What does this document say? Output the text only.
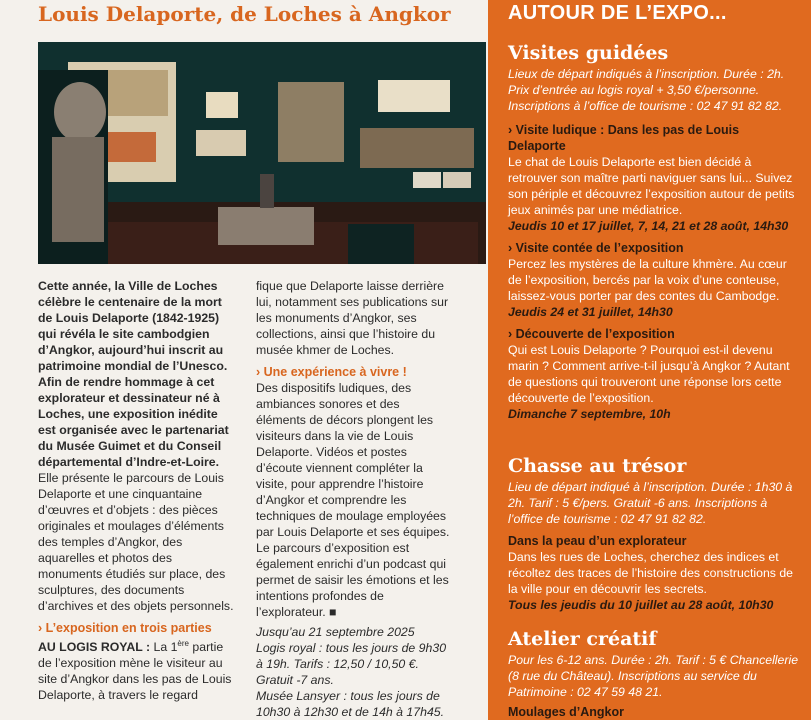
Louis Delaporte, de Loches à Angkor

Cette année, la Ville de Loches célèbre le centenaire de la mort de Louis Delaporte (1842-1925) qui révéla le site cambodgien d’Angkor, aujourd’hui inscrit au patrimoine mondial de l’Unesco. Afin de rendre hommage à cet explorateur et dessinateur né à Loches, une exposition inédite est organisée avec le partenariat du Musée Guimet et du Conseil départemental d’Indre-et-Loire.

Elle présente le parcours de Louis Delaporte et une cinquantaine d’œuvres et d’objets : des pièces originales et moulages d’éléments des temples d’Angkor, des aquarelles et photos des monuments étudiés sur place, des sculptures, des documents d’archives et des objets personnels.

› L’exposition en trois parties

AU LOGIS ROYAL : La 1ère partie de l’exposition mène le visiteur au site d’Angkor dans les pas de Louis Delaporte, à travers le regard

fique que Delaporte laisse derrière lui, notamment ses publications sur les monuments d’Angkor, ses collections, ainsi que l’histoire du musée khmer de Loches.

› Une expérience à vivre !

Des dispositifs ludiques, des ambiances sonores et des éléments de décors plongent les visiteurs dans la vie de Louis Delaporte. Vidéos et postes d’écoute viennent compléter la visite, pour apprendre l’histoire d’Angkor et comprendre les techniques de moulage employées par Louis Delaporte et ses équipes. Le parcours d’exposition est également enrichi d’un podcast qui permet de saisir les émotions et les intentions profondes de l’explorateur. ■

Jusqu’au 21 septembre 2025

Logis royal : tous les jours de 9h30 à 19h. Tarifs : 12,50 / 10,50 €. Gratuit -7 ans.

Musée Lansyer : tous les jours de 10h30 à 12h30 et de 14h à 17h45.

AUTOUR DE L’EXPO...

Visites guidées

Lieux de départ indiqués à l’inscription. Durée : 2h. Prix d’entrée au logis royal + 3,50 €/personne. Inscriptions à l’office de tourisme : 02 47 91 82 82.

› Visite ludique : Dans les pas de Louis Delaporte

Le chat de Louis Delaporte est bien décidé à retrouver son maître parti naviguer sans lui... Suivez son périple et découvrez l’exposition autour de petits jeux animés par une médiatrice.

Jeudis 10 et 17 juillet, 7, 14, 21 et 28 août, 14h30

› Visite contée de l’exposition

Percez les mystères de la culture khmère. Au cœur de l’exposition, bercés par la voix d’une conteuse, laissez-vous porter par des contes du Cambodge.

Jeudis 24 et 31 juillet, 14h30

› Découverte de l’exposition

Qui est Louis Delaporte ? Pourquoi est-il devenu marin ? Comment arrive-t-il jusqu’à Angkor ? Autant de questions qui trouveront une réponse lors cette découverte de l’exposition.

Dimanche 7 septembre, 10h

Chasse au trésor

Lieu de départ indiqué à l’inscription. Durée : 1h30 à 2h. Tarif : 5 €/pers. Gratuit -6 ans. Inscriptions à l’office de tourisme : 02 47 91 82 82.

Dans la peau d’un explorateur

Dans les rues de Loches, cherchez des indices et récoltez des traces de l’histoire des constructions de la ville pour en découvrir les secrets.

Tous les jeudis du 10 juillet au 28 août, 10h30

Atelier créatif

Pour les 6-12 ans. Durée : 2h. Tarif : 5 € Chancellerie (8 rue du Château). Inscriptions au service du Patrimoine : 02 47 59 48 21.

Moulages d’Angkor
